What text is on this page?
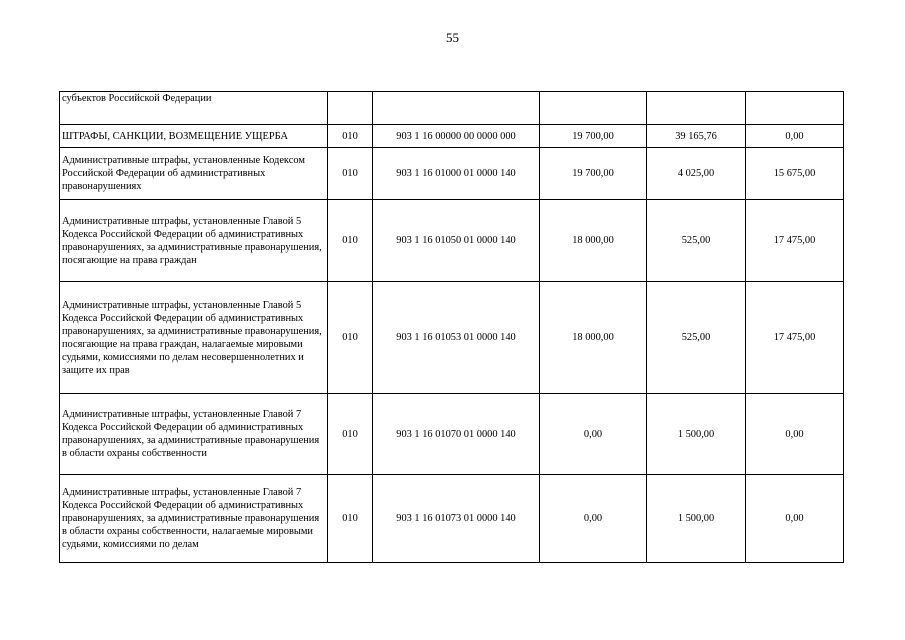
55
субъектов Российской Федерации					
ШТРАФЫ, САНКЦИИ, ВОЗМЕЩЕНИЕ УЩЕРБА	010	903 1 16 00000 00 0000 000	19 700,00	39 165,76	0,00
Административные штрафы, установленные Кодексом Российской Федерации об административных правонарушениях	010	903 1 16 01000 01 0000 140	19 700,00	4 025,00	15 675,00
Административные штрафы, установленные Главой 5 Кодекса Российской Федерации об административных правонарушениях, за административные правонарушения, посягающие на права граждан	010	903 1 16 01050 01 0000 140	18 000,00	525,00	17 475,00
Административные штрафы, установленные Главой 5 Кодекса Российской Федерации об административных правонарушениях, за административные правонарушения, посягающие на права граждан, налагаемые мировыми судьями, комиссиями по делам несовершеннолетних и защите их прав	010	903 1 16 01053 01 0000 140	18 000,00	525,00	17 475,00
Административные штрафы, установленные Главой 7 Кодекса Российской Федерации об административных правонарушениях, за административные правонарушения в области охраны собственности	010	903 1 16 01070 01 0000 140	0,00	1 500,00	0,00
Административные штрафы, установленные Главой 7 Кодекса Российской Федерации об административных правонарушениях, за административные правонарушения в области охраны собственности, налагаемые мировыми судьями, комиссиями по делам	010	903 1 16 01073 01 0000 140	0,00	1 500,00	0,00
